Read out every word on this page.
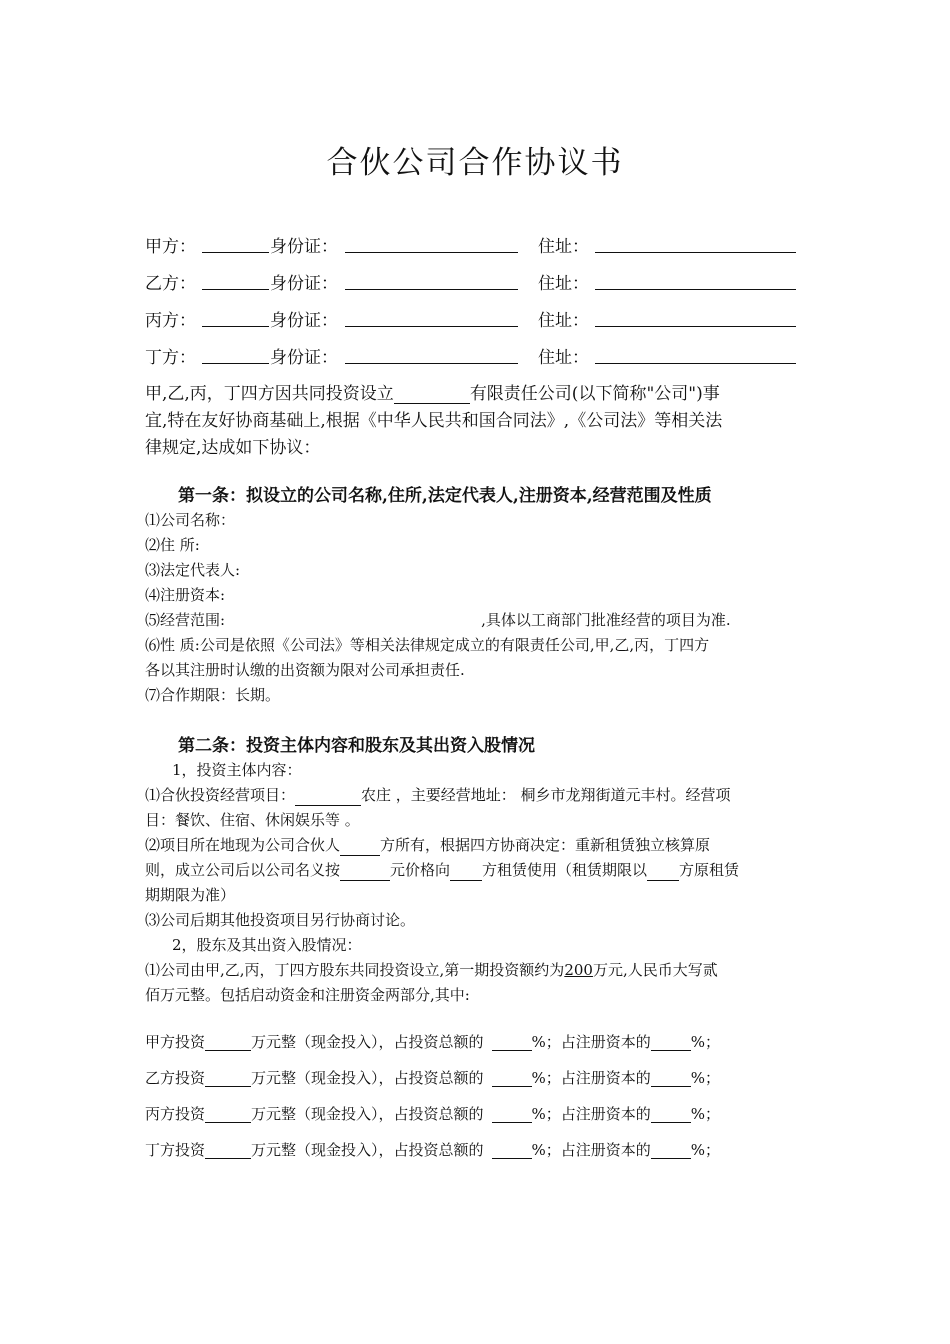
合伙公司合作协议书
甲方：	身份证：	住址：
乙方：	身份证：	住址：
丙方：	身份证：	住址：
丁方：	身份证：	住址：

甲,乙,丙，丁四方因共同投资设立	有限责任公司(以下简称"公司")事

宜,特在友好协商基础上,根据《中华人民共和国合同法》,《公司法》等相关法

律规定,达成如下协议：

第一条：拟设立的公司名称,住所,法定代表人,注册资本,经营范围及性质
⑴公司名称：
⑵住 所:
⑶法定代表人:
⑷注册资本:
⑸经营范围:	,具体以工商部门批准经营的项目为准.
⑹性 质:公司是依照《公司法》等相关法律规定成立的有限责任公司,甲,乙,丙，丁四方
各以其注册时认缴的出资额为限对公司承担责任.
⑺合作期限：长期。
第二条：投资主体内容和股东及其出资入股情况
1，投资主体内容：
⑴合伙投资经营项目：	农庄 ，主要经营地址： 桐乡市龙翔街道元丰村。经营项
目：餐饮、住宿、休闲娱乐等 。
⑵项目所在地现为公司合伙人	方所有，根据四方协商决定：重新租赁独立核算原
则，成立公司后以公司名义按	元价格向 方租赁使用（租赁期限以 方原租赁
期期限为准）
⑶公司后期其他投资项目另行协商讨论。
2，股东及其出资入股情况：
⑴公司由甲,乙,丙，丁四方股东共同投资设立,第一期投资额约为200万元,人民币大写贰
佰万元整。包括启动资金和注册资金两部分,其中:
甲方投资	万元整（现金投入），占投资总额的	%；占注册资本的	%；
乙方投资	万元整（现金投入），占投资总额的	%；占注册资本的	%；
丙方投资	万元整（现金投入），占投资总额的	%；占注册资本的	%；
丁方投资	万元整（现金投入），占投资总额的	%；占注册资本的	%；
